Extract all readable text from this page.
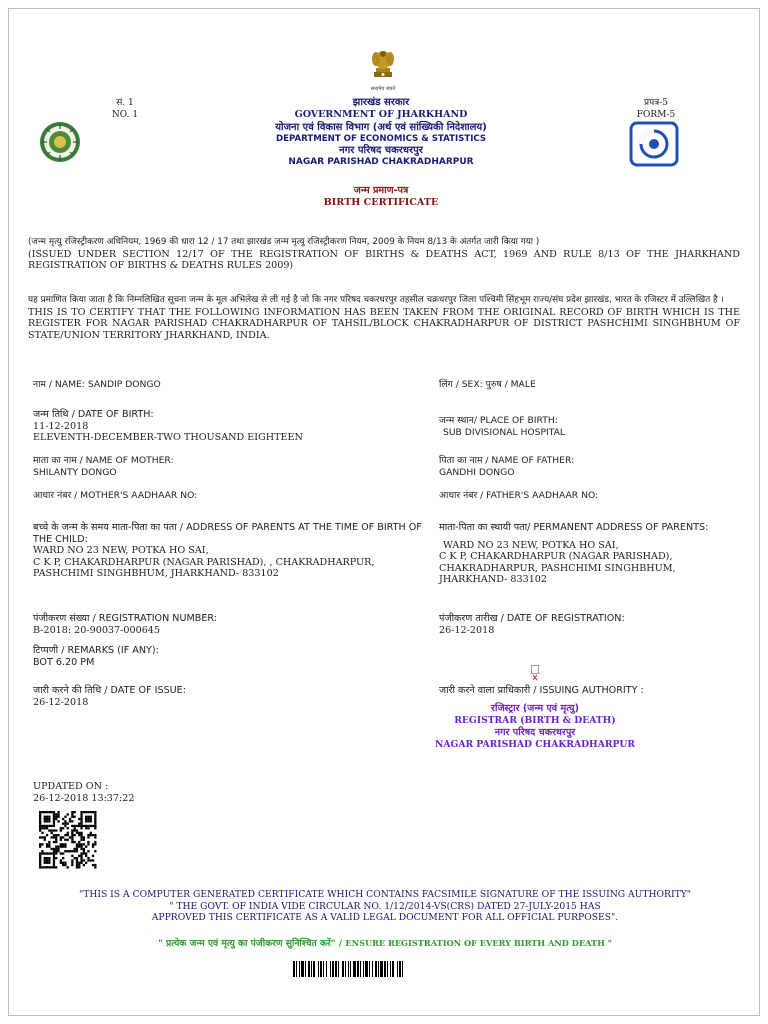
सत्यमेव जयते
सं. 1
NO. 1
प्रपत्र-5
FORM-5
झारखंड सरकार
GOVERNMENT OF JHARKHAND
योजना एवं विकास विभाग (अर्थ एवं सांख्यिकी निदेशालय)
DEPARTMENT OF ECONOMICS & STATISTICS
नगर परिषद चकरधरपुर
NAGAR PARISHAD CHAKRADHARPUR
जन्म प्रमाण-पत्र
BIRTH CERTIFICATE
(जन्म मृत्यु रजिस्ट्रीकरण अधिनियम, 1969 की धारा 12 / 17 तथा झारखंड जन्म मृत्यु रजिस्ट्रीकरण नियम, 2009 के नियम 8/13 के अंतर्गत जारी किया गया )
(ISSUED UNDER SECTION 12/17 OF THE REGISTRATION OF BIRTHS & DEATHS ACT, 1969 AND RULE 8/13 OF THE JHARKHAND REGISTRATION OF BIRTHS & DEATHS RULES 2009)
यह प्रमाणित किया जाता है कि निम्नलिखित सूचना जन्म के मूल अभिलेख से ली गई है जो कि नगर परिषद चकरधरपुर तहसील चक्रधरपुर जिला पश्चिमी सिंहभूम राज्य/संघ प्रदेश झारखंड, भारत के रजिस्टर में उल्लिखित है ।
THIS IS TO CERTIFY THAT THE FOLLOWING INFORMATION HAS BEEN TAKEN FROM THE ORIGINAL RECORD OF BIRTH WHICH IS THE REGISTER FOR NAGAR PARISHAD CHAKRADHARPUR OF TAHSIL/BLOCK CHAKRADHARPUR OF DISTRICT PASHCHIMI SINGHBHUM OF STATE/UNION TERRITORY JHARKHAND, INDIA.
नाम / NAME: SANDIP DONGO	लिंग / SEX: पुरुष / MALE
जन्म तिथि / DATE OF BIRTH:
11-12-2018
ELEVENTH-DECEMBER-TWO THOUSAND EIGHTEEN
जन्म स्थान/ PLACE OF BIRTH:
SUB DIVISIONAL HOSPITAL
माता का नाम / NAME OF MOTHER:
SHILANTY DONGO
पिता का नाम / NAME OF FATHER:
GANDHI DONGO
आधार नंबर / MOTHER'S AADHAAR NO:	आधार नंबर / FATHER'S AADHAAR NO:
बच्चे के जन्म के समय माता-पिता का पता / ADDRESS OF PARENTS AT THE TIME OF BIRTH OF THE CHILD:
WARD NO 23 NEW, POTKA HO SAI,
C K P, CHAKARDHARPUR (NAGAR PARISHAD), , CHAKRADHARPUR, PASHCHIMI SINGHBHUM, JHARKHAND- 833102
माता-पिता का स्थायी पता/ PERMANENT ADDRESS OF PARENTS:
WARD NO 23 NEW, POTKA HO SAI,
C K P, CHAKARDHARPUR (NAGAR PARISHAD),
CHAKRADHARPUR, PASHCHIMI SINGHBHUM,
JHARKHAND- 833102
पंजीकरण संख्या / REGISTRATION NUMBER:
B-2018: 20-90037-000645
पंजीकरण तारीख / DATE OF REGISTRATION:
26-12-2018
टिप्पणी / REMARKS (IF ANY):
BOT 6.20 PM
जारी करने की तिथि / DATE OF ISSUE:
26-12-2018
जारी करने वाला प्राधिकारी / ISSUING AUTHORITY :
रजिस्ट्रार (जन्म एवं मृत्यु)
REGISTRAR (BIRTH & DEATH)
नगर परिषद चकरधरपुर
NAGAR PARISHAD CHAKRADHARPUR
UPDATED ON :
26-12-2018 13:37:22
"THIS IS A COMPUTER GENERATED CERTIFICATE WHICH CONTAINS FACSIMILE SIGNATURE OF THE ISSUING AUTHORITY"
" THE GOVT. OF INDIA VIDE CIRCULAR NO. 1/12/2014-VS(CRS) DATED 27-JULY-2015 HAS
APPROVED THIS CERTIFICATE AS A VALID LEGAL DOCUMENT FOR ALL OFFICIAL PURPOSES".
" प्रत्येक जन्म एवं मृत्यु का पंजीकरण सुनिश्चित करें" / ENSURE REGISTRATION OF EVERY BIRTH AND DEATH "
